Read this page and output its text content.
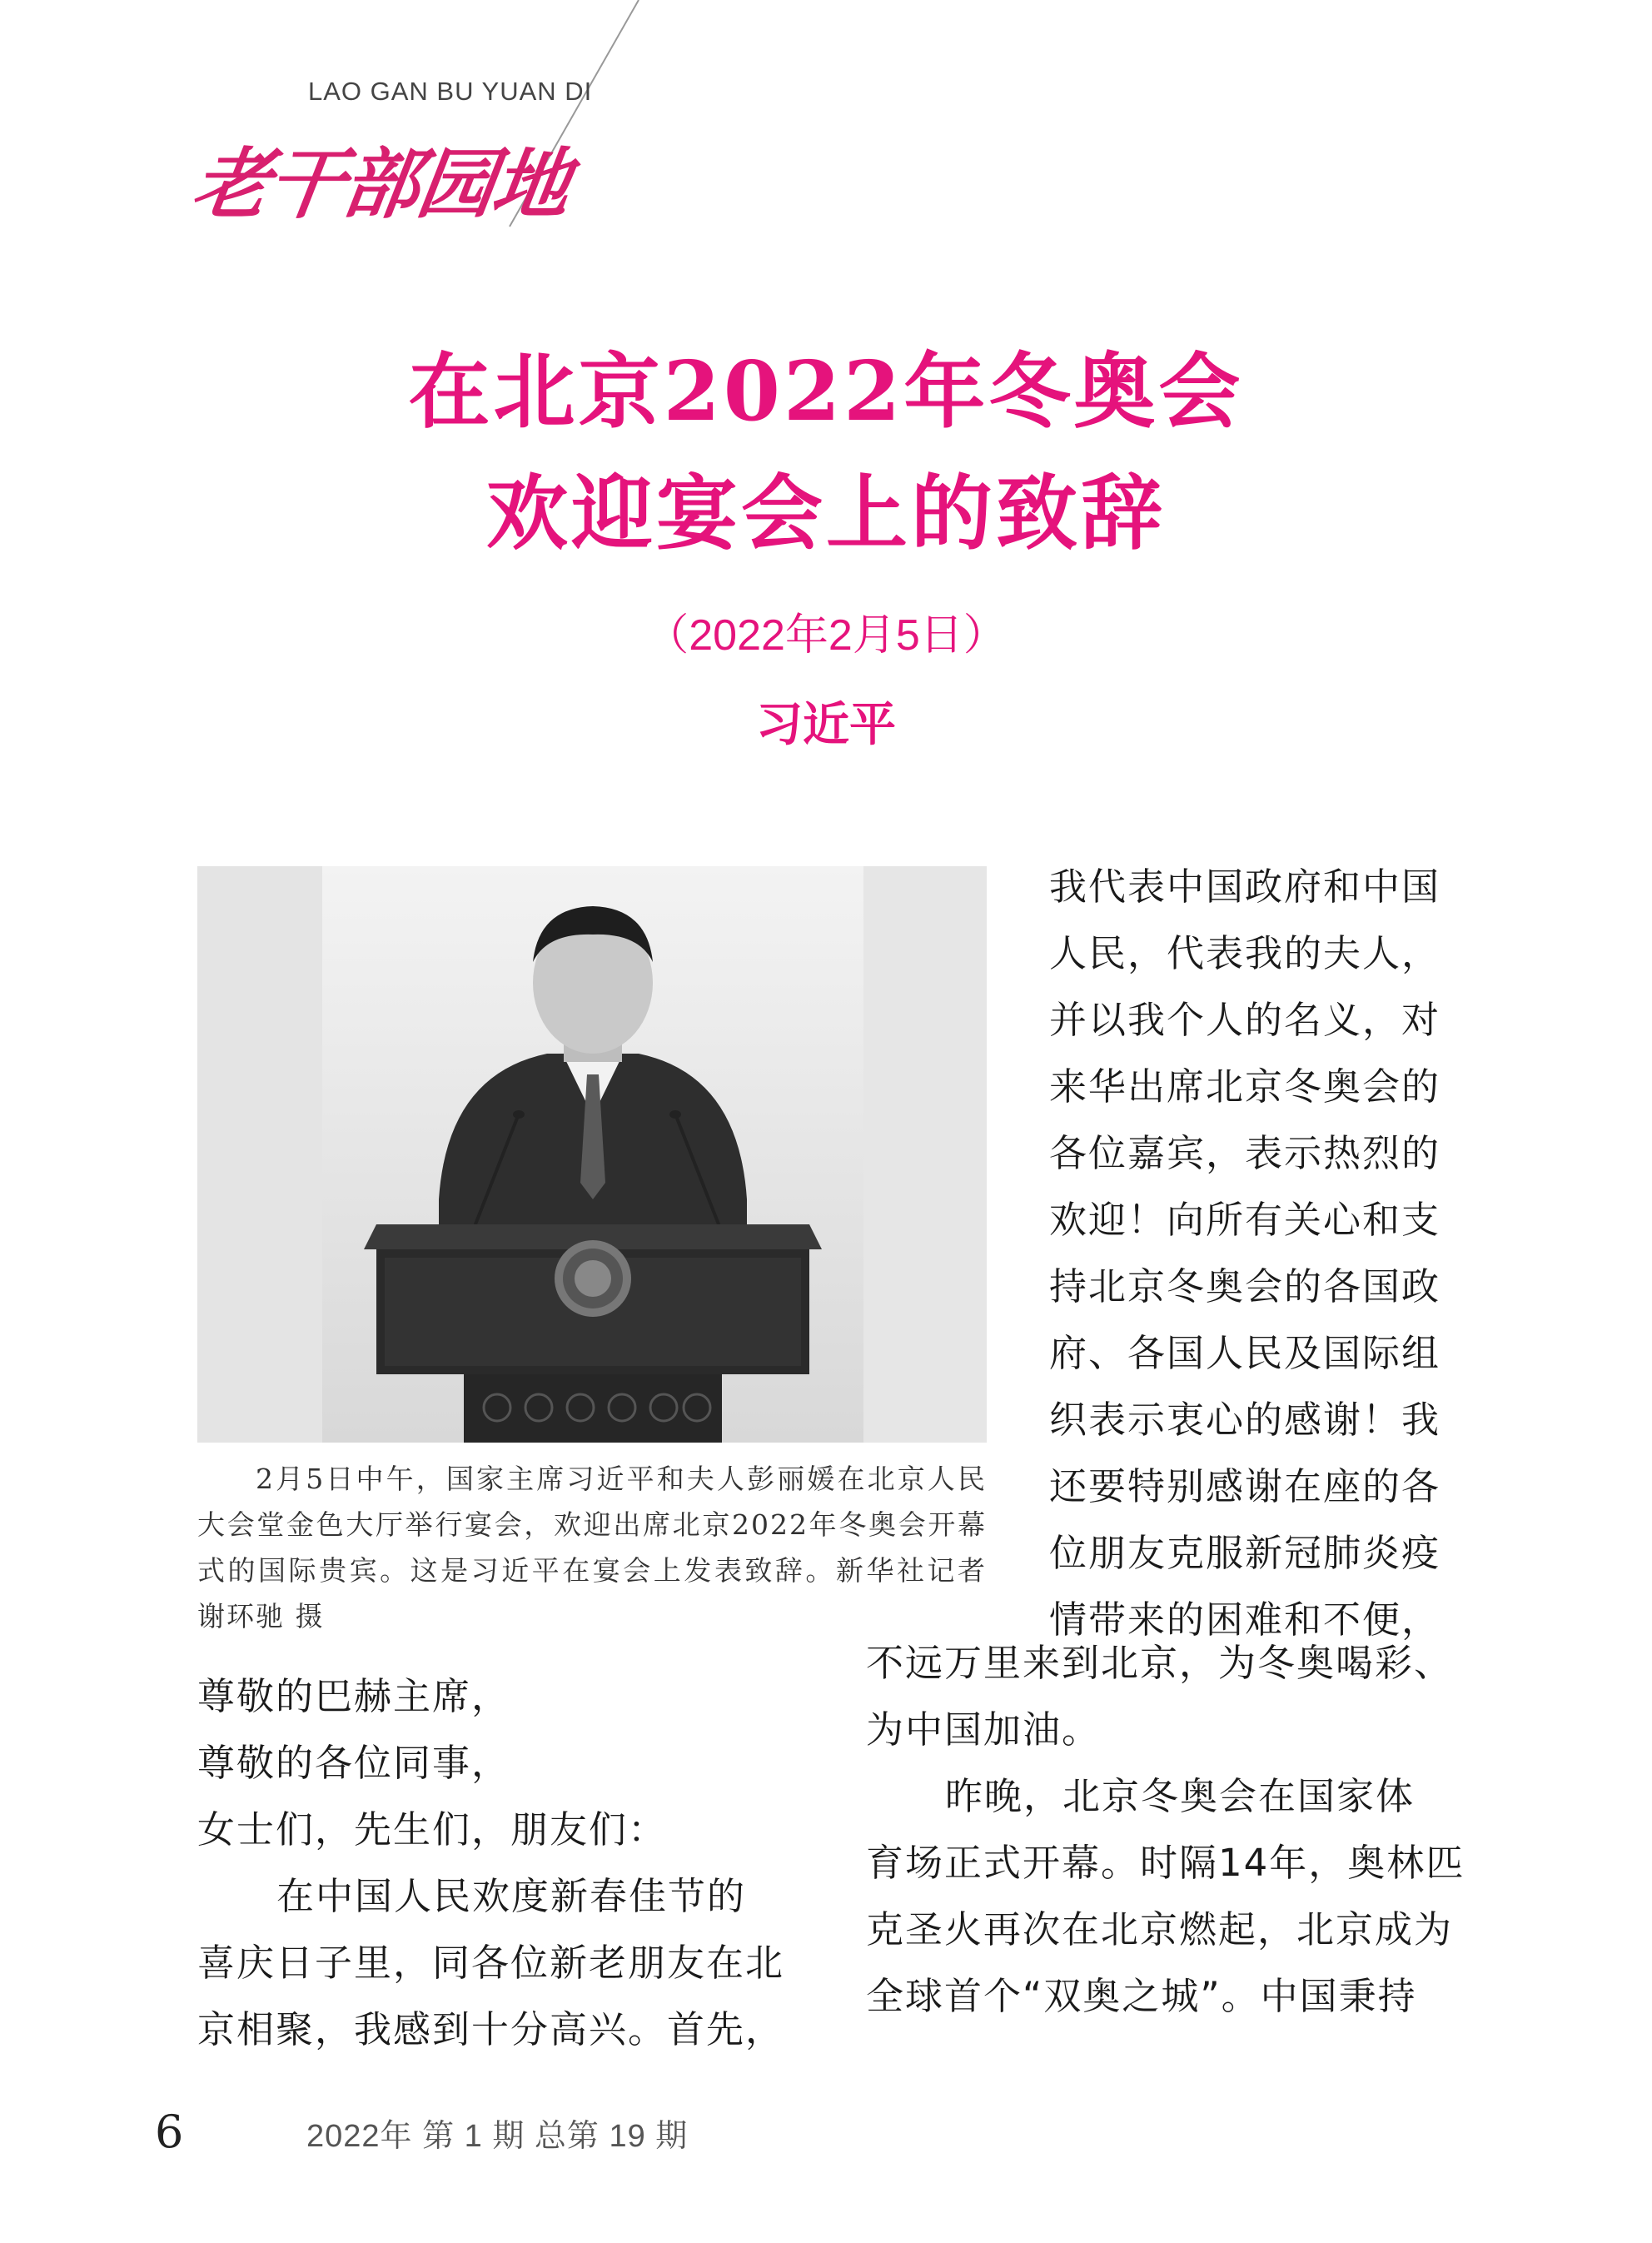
LAO GAN BU YUAN DI
老干部园地
在北京2022年冬奥会
欢迎宴会上的致辞
（2022年2月5日）
习近平
2月5日中午，国家主席习近平和夫人彭丽媛在北京人民大会堂金色大厅举行宴会，欢迎出席北京2022年冬奥会开幕式的国际贵宾。这是习近平在宴会上发表致辞。新华社记者 谢环驰 摄
我代表中国政府和中国
人民，代表我的夫人，
并以我个人的名义，对
来华出席北京冬奥会的
各位嘉宾，表示热烈的
欢迎！向所有关心和支
持北京冬奥会的各国政
府、各国人民及国际组
织表示衷心的感谢！我
还要特别感谢在座的各
位朋友克服新冠肺炎疫
情带来的困难和不便，
尊敬的巴赫主席，
尊敬的各位同事，
女士们，先生们，朋友们：
在中国人民欢度新春佳节的
喜庆日子里，同各位新老朋友在北
京相聚，我感到十分高兴。首先，
不远万里来到北京，为冬奥喝彩、
为中国加油。
昨晚，北京冬奥会在国家体
育场正式开幕。时隔14年，奥林匹
克圣火再次在北京燃起，北京成为
全球首个“双奥之城”。中国秉持
6	2022年 第 1 期 总第 19 期
